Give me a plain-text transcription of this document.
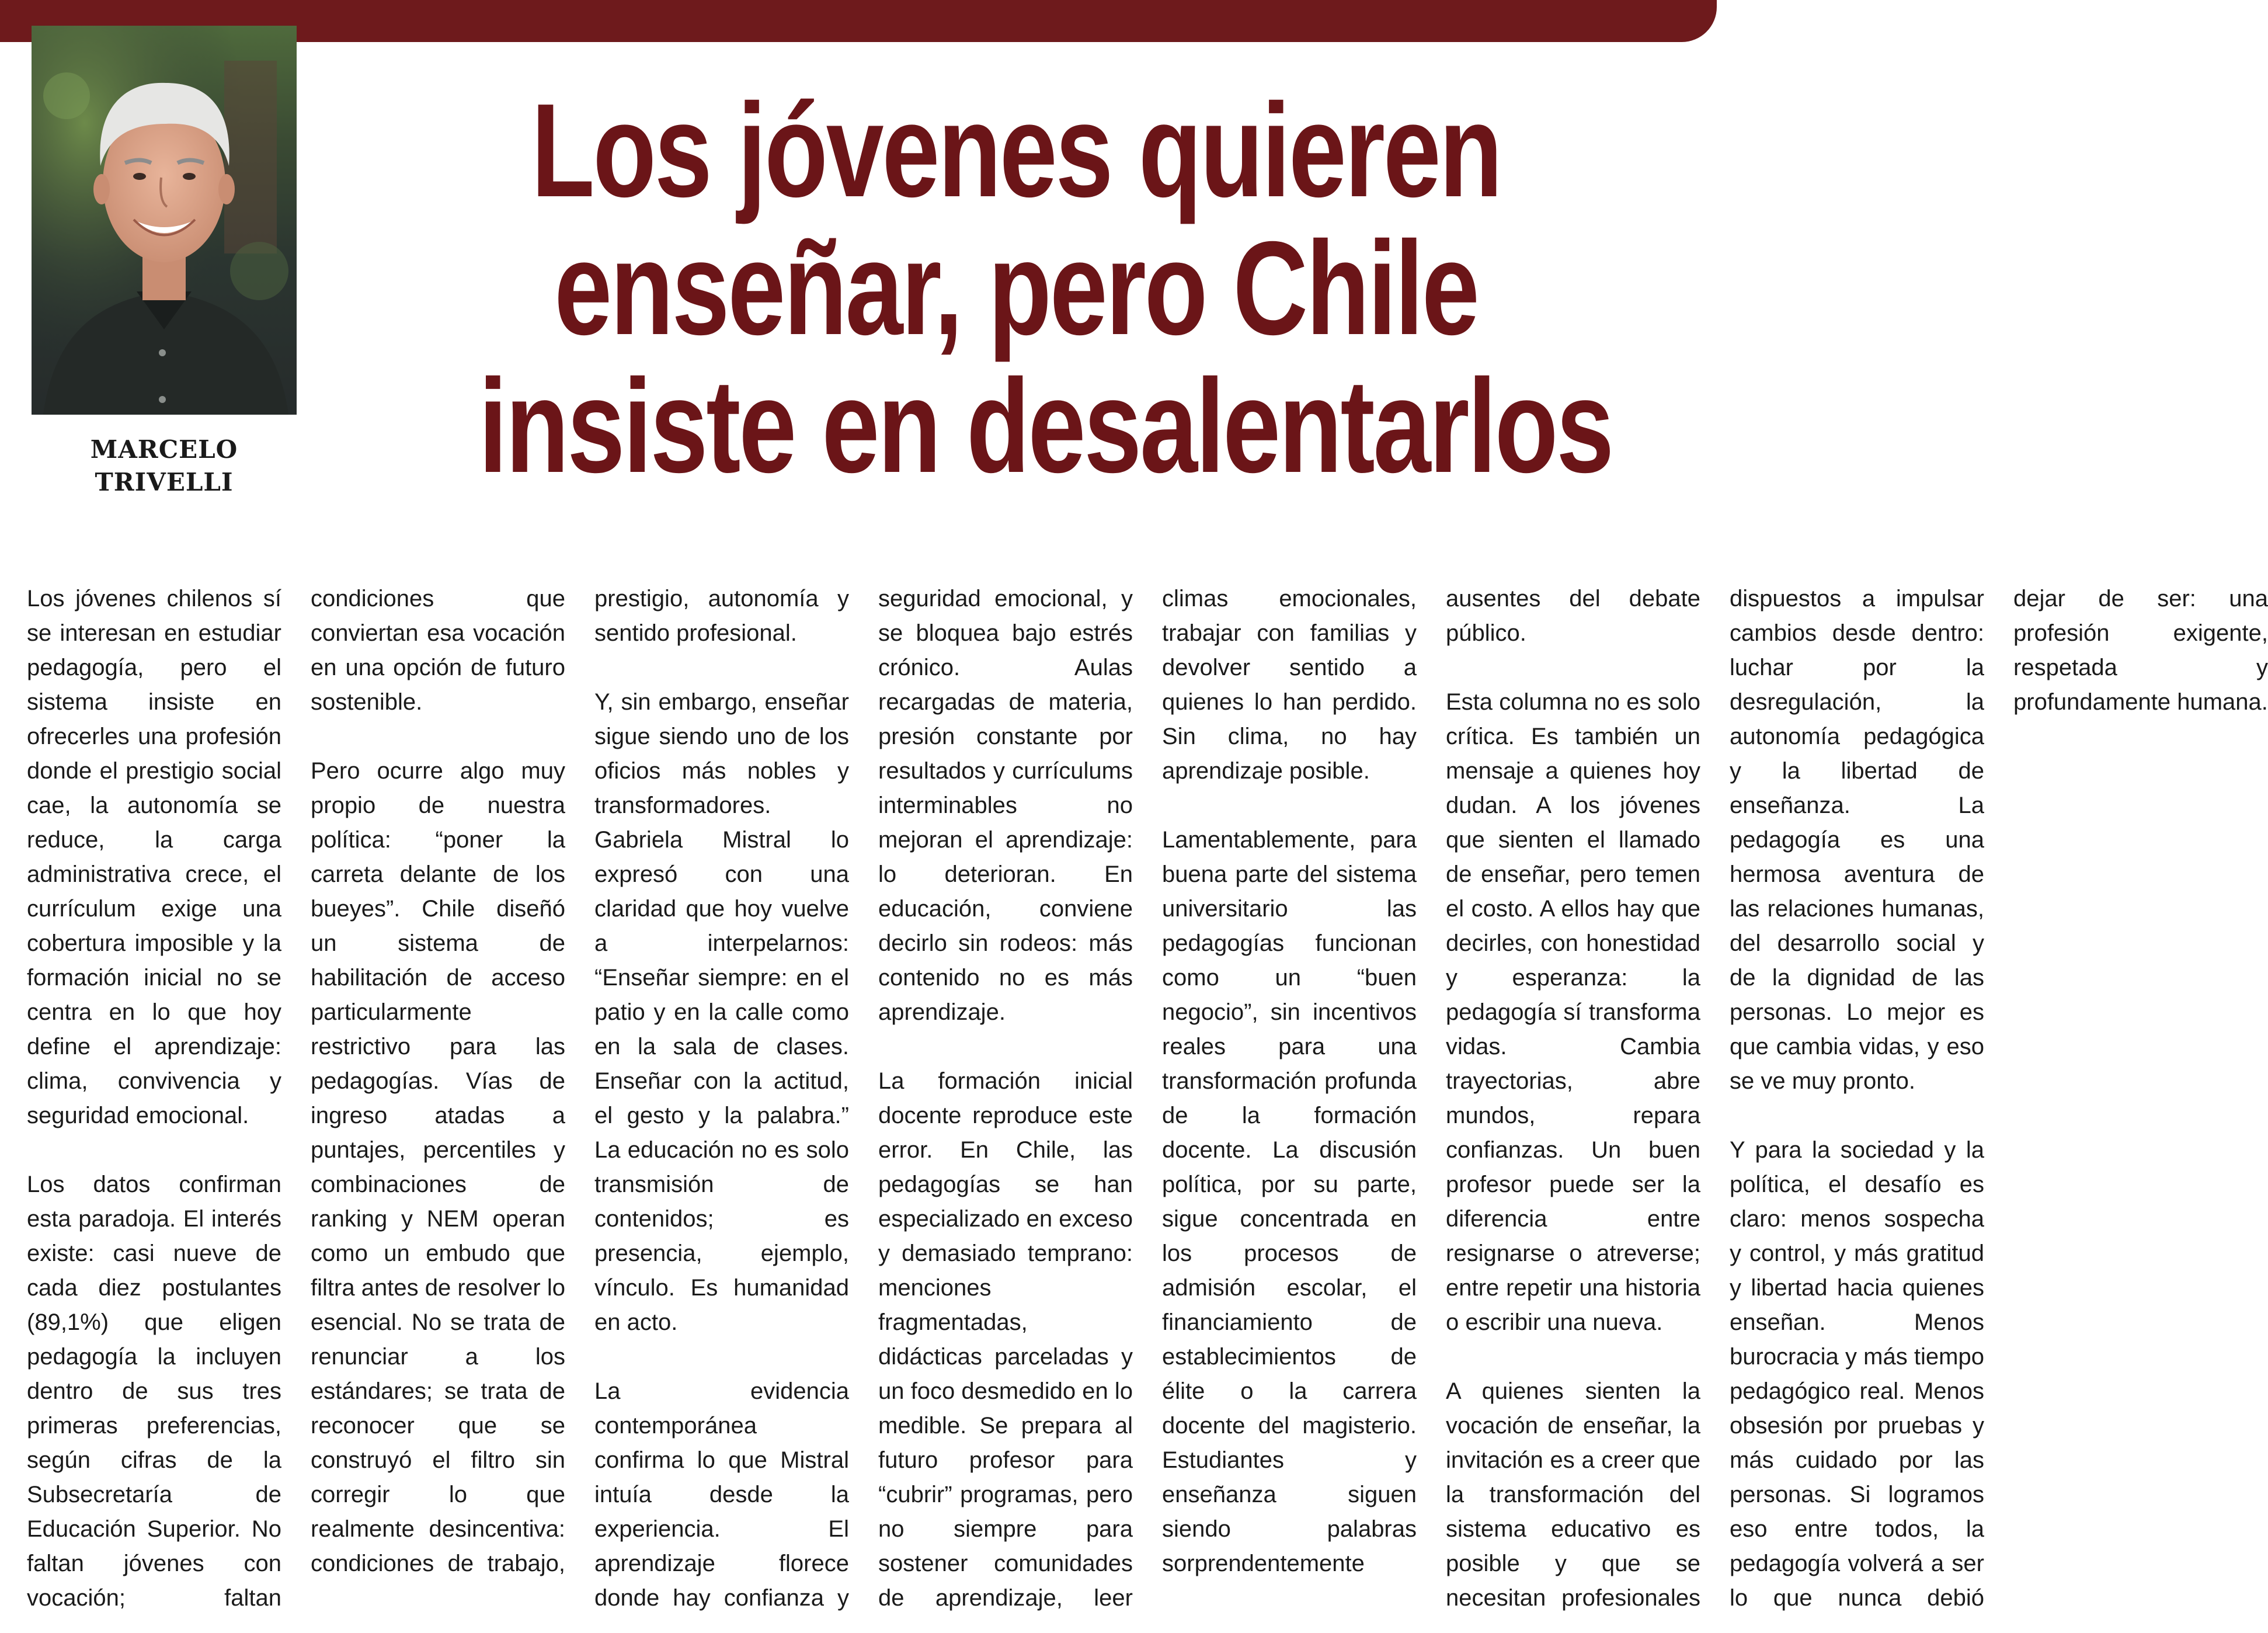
MARCELO
TRIVELLI
Los jóvenes quieren
enseñar, pero Chile
insiste en desalentarlos

Los jóvenes chilenos sí se interesan en estudiar pedagogía, pero el sistema insiste en ofrecerles una profesión donde el prestigio social cae, la autonomía se reduce, la carga administrativa crece, el currículum exige una cobertura imposible y la formación inicial no se centra en lo que hoy define el aprendizaje: clima, convivencia y seguridad emocional.

Los datos confirman esta paradoja. El interés existe: casi nueve de cada diez postulantes (89,1%) que eligen pedagogía la incluyen dentro de sus tres primeras preferencias, según cifras de la Subsecretaría de Educación Superior. No faltan jóvenes con vocación; faltan condiciones que conviertan esa vocación en una opción de futuro sostenible.

Pero ocurre algo muy propio de nuestra política: “poner la carreta delante de los bueyes”. Chile diseñó un sistema de habilitación de acceso particularmente restrictivo para las pedagogías. Vías de ingreso atadas a puntajes, percentiles y combinaciones de ranking y NEM operan como un embudo que filtra antes de resolver lo esencial. No se trata de renunciar a los estándares; se trata de reconocer que se construyó el filtro sin corregir lo que realmente desincentiva: condiciones de trabajo, prestigio, autonomía y sentido profesional.

Y, sin embargo, enseñar sigue siendo uno de los oficios más nobles y transformadores. Gabriela Mistral lo expresó con una claridad que hoy vuelve a interpelarnos: “Enseñar siempre: en el patio y en la calle como en la sala de clases. Enseñar con la actitud, el gesto y la palabra.” La educación no es solo transmisión de contenidos; es presencia, ejemplo, vínculo. Es humanidad en acto.

La evidencia contemporánea confirma lo que Mistral intuía desde la experiencia. El aprendizaje florece donde hay confianza y seguridad emocional, y se bloquea bajo estrés crónico. Aulas recargadas de materia, presión constante por resultados y currículums interminables no mejoran el aprendizaje: lo deterioran. En educación, conviene decirlo sin rodeos: más contenido no es más aprendizaje.

La formación inicial docente reproduce este error. En Chile, las pedagogías se han especializado en exceso y demasiado temprano: menciones fragmentadas, didácticas parceladas y un foco desmedido en lo medible. Se prepara al futuro profesor para “cubrir” programas, pero no siempre para sostener comunidades de aprendizaje, leer climas emocionales, trabajar con familias y devolver sentido a quienes lo han perdido. Sin clima, no hay aprendizaje posible.

Lamentablemente, para buena parte del sistema universitario las pedagogías funcionan como un “buen negocio”, sin incentivos reales para una transformación profunda de la formación docente. La discusión política, por su parte, sigue concentrada en los procesos de admisión escolar, el financiamiento de establecimientos de élite o la carrera docente del magisterio. Estudiantes y enseñanza siguen siendo palabras sorprendentemente ausentes del debate público.

Esta columna no es solo crítica. Es también un mensaje a quienes hoy dudan. A los jóvenes que sienten el llamado de enseñar, pero temen el costo. A ellos hay que decirles, con honestidad y esperanza: la pedagogía sí transforma vidas. Cambia trayectorias, abre mundos, repara confianzas. Un buen profesor puede ser la diferencia entre resignarse o atreverse; entre repetir una historia o escribir una nueva.

A quienes sienten la vocación de enseñar, la invitación es a creer que la transformación del sistema educativo es posible y que se necesitan profesionales dispuestos a impulsar cambios desde dentro: luchar por la desregulación, la autonomía pedagógica y la libertad de enseñanza. La pedagogía es una hermosa aventura de las relaciones humanas, del desarrollo social y de la dignidad de las personas. Lo mejor es que cambia vidas, y eso se ve muy pronto.

Y para la sociedad y la política, el desafío es claro: menos sospecha y control, y más gratitud y libertad hacia quienes enseñan. Menos burocracia y más tiempo pedagógico real. Menos obsesión por pruebas y más cuidado por las personas. Si logramos eso entre todos, la pedagogía volverá a ser lo que nunca debió dejar de ser: una profesión exigente, respetada y profundamente humana.
